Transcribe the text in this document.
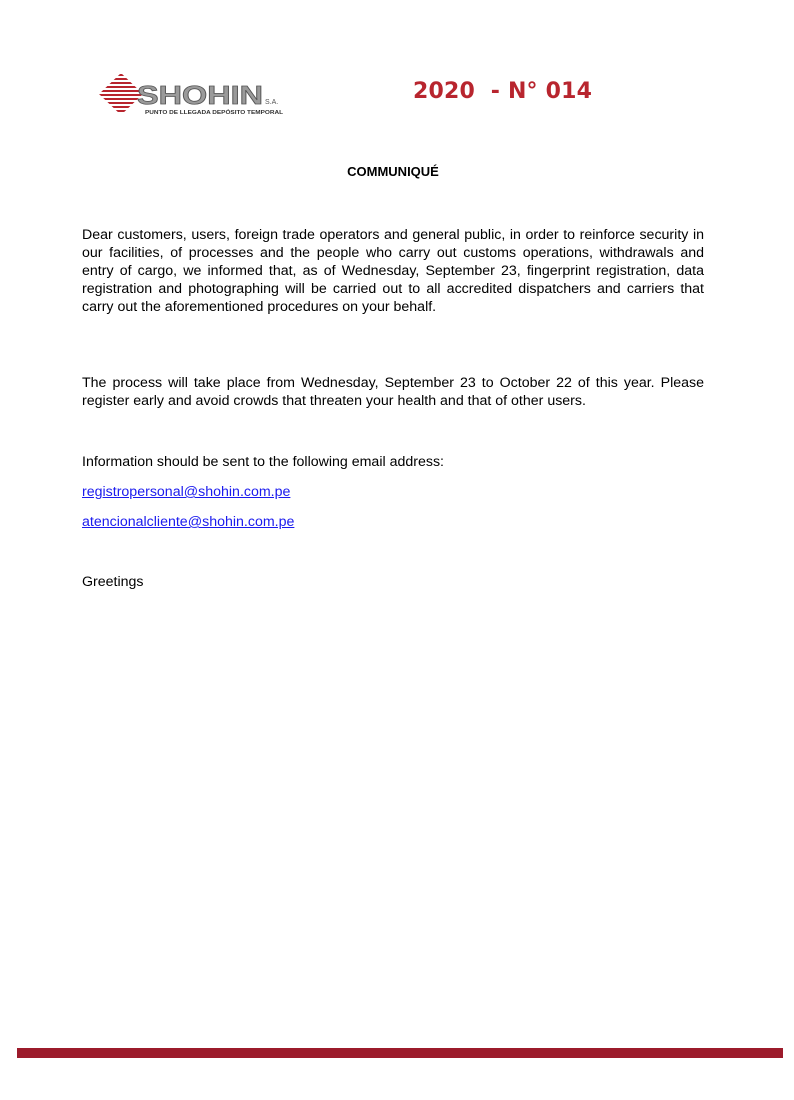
SHOHIN S.A.
PUNTO DE LLEGADA DEPÓSITO TEMPORAL
2020  - N° 014
COMMUNIQUÉ
Dear customers, users, foreign trade operators and general public, in order to reinforce security in our facilities, of processes and the people who carry out customs operations, withdrawals and entry of cargo, we informed that, as of Wednesday, September 23, fingerprint registration, data registration and photographing will be carried out to all accredited dispatchers and carriers that carry out the aforementioned procedures on your behalf.
The process will take place from Wednesday, September 23 to October 22 of this year. Please register early and avoid crowds that threaten your health and that of other users.
Information should be sent to the following email address:
registropersonal@shohin.com.pe
atencionalcliente@shohin.com.pe
Greetings
